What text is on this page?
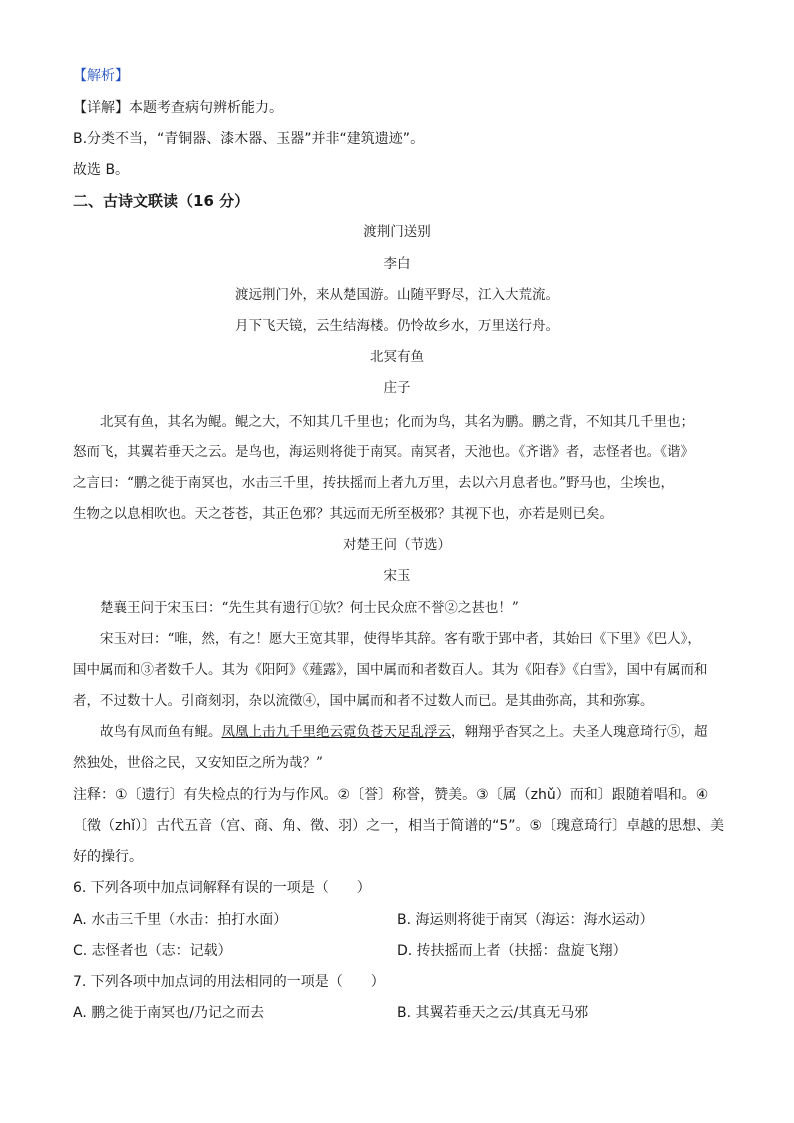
【解析】
【详解】本题考查病句辨析能力。
B.分类不当，“青铜器、漆木器、玉器”并非“建筑遗迹”。
故选 B。
二、古诗文联读（16 分）
渡荆门送别
李白
渡远荆门外，来从楚国游。山随平野尽，江入大荒流。
月下飞天镜，云生结海楼。仍怜故乡水，万里送行舟。
北冥有鱼
庄子
北冥有鱼，其名为鲲。鲲之大，不知其几千里也；化而为鸟，其名为鹏。鹏之背，不知其几千里也；
怒而飞，其翼若垂天之云。是鸟也，海运则将徙于南冥。南冥者，天池也。《齐谐》者，志怪者也。《谐》
之言曰：“鹏之徙于南冥也，水击三千里，抟扶摇而上者九万里，去以六月息者也。”野马也，尘埃也，
生物之以息相吹也。天之苍苍，其正色邪？其远而无所至极邪？其视下也，亦若是则已矣。
对楚王问（节选）
宋玉
楚襄王问于宋玉曰：“先生其有遗行①欤？何士民众庶不誉②之甚也！”
宋玉对曰：“唯，然，有之！愿大王宽其罪，使得毕其辞。客有歌于郢中者，其始曰《下里》《巴人》，
国中属而和③者数千人。其为《阳阿》《薤露》，国中属而和者数百人。其为《阳春》《白雪》，国中有属而和
者，不过数十人。引商刻羽，杂以流徵④，国中属而和者不过数人而已。是其曲弥高，其和弥寡。
故鸟有凤而鱼有鲲。凤凰上击九千里绝云霓负苍天足乱浮云，翱翔乎杳冥之上。夫圣人瑰意琦行⑤，超
然独处，世俗之民，又安知臣之所为哉？”
注释：①〔遗行〕有失检点的行为与作风。②〔誉〕称誉，赞美。③〔属（zhǔ）而和〕跟随着唱和。④
〔徵（zhǐ）〕古代五音（宫、商、角、徵、羽）之一，相当于简谱的“5”。⑤〔瑰意琦行〕卓越的思想、美
好的操行。
6. 下列各项中加点词解释有误的一项是（　　）
A. 水击三千里（水击：拍打水面）	B. 海运则将徙于南冥（海运：海水运动）
C. 志怪者也（志：记载）	D. 抟扶摇而上者（扶摇：盘旋飞翔）
7. 下列各项中加点词的用法相同的一项是（　　）
A. 鹏之徙于南冥也/乃记之而去	B. 其翼若垂天之云/其真无马邪
